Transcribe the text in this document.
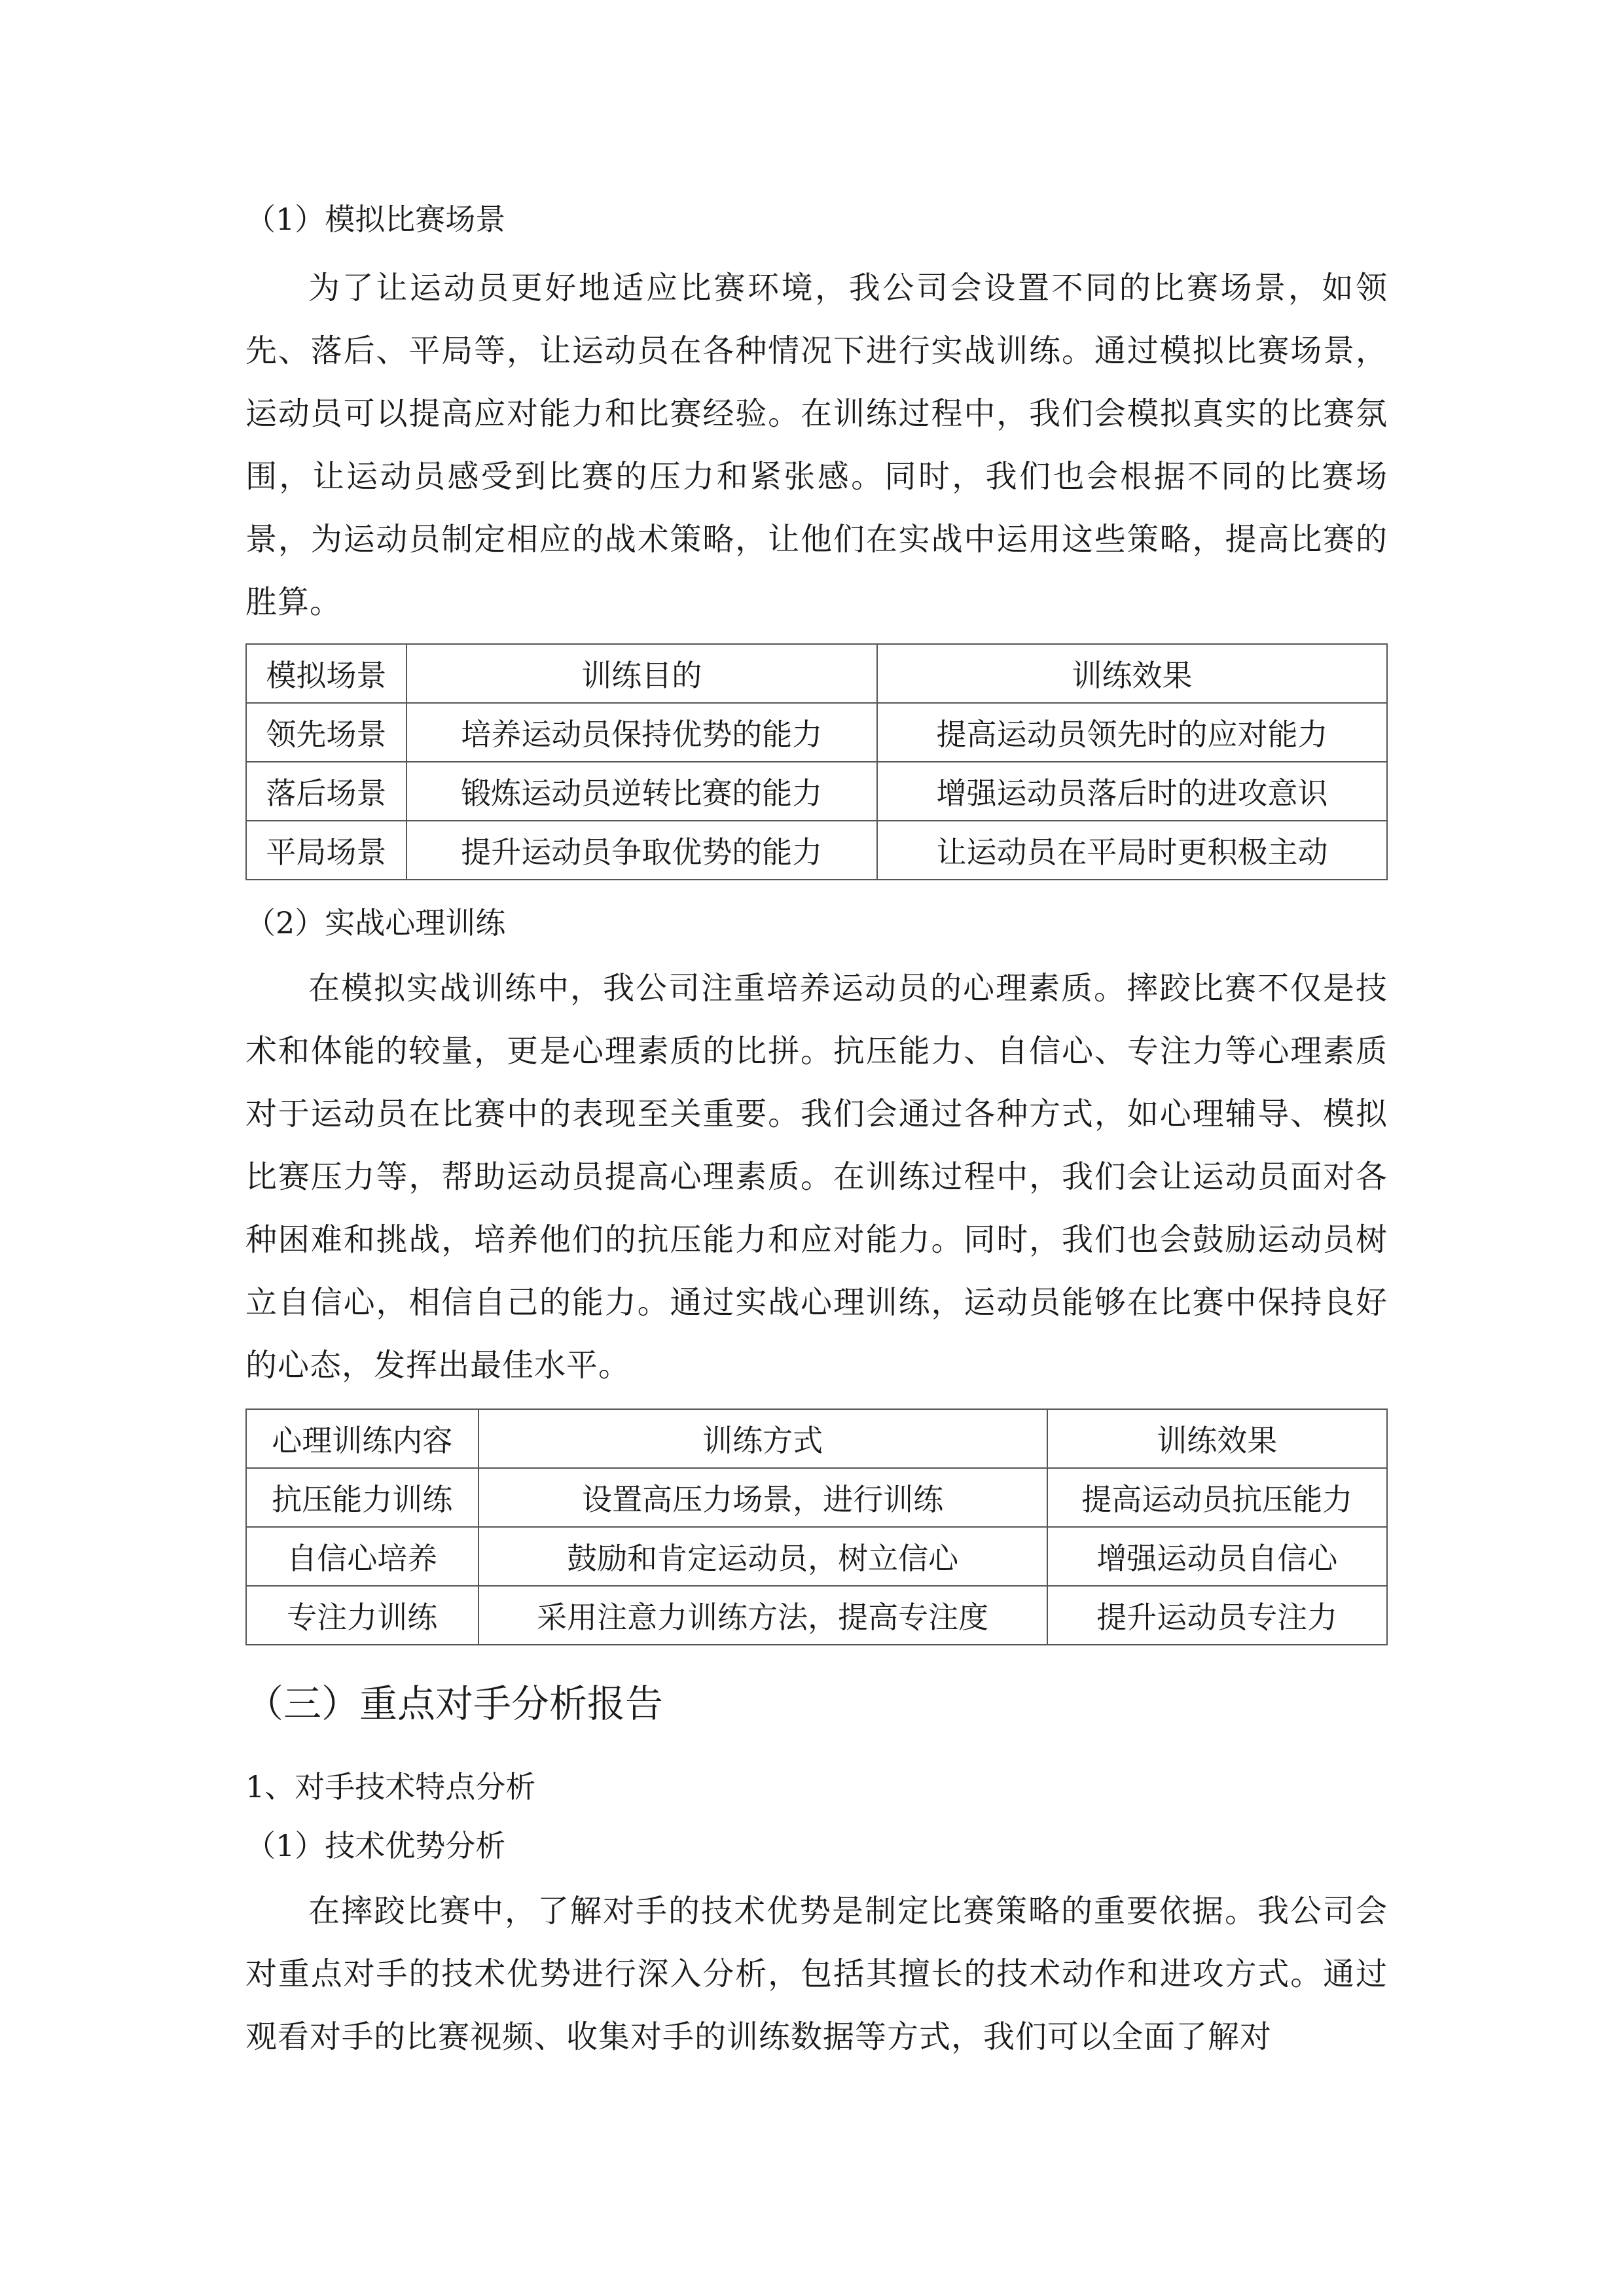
（1）模拟比赛场景
为了让运动员更好地适应比赛环境，我公司会设置不同的比赛场景，如领先、落后、平局等，让运动员在各种情况下进行实战训练。通过模拟比赛场景，运动员可以提高应对能力和比赛经验。在训练过程中，我们会模拟真实的比赛氛围，让运动员感受到比赛的压力和紧张感。同时，我们也会根据不同的比赛场景，为运动员制定相应的战术策略，让他们在实战中运用这些策略，提高比赛的胜算。
模拟场景	训练目的	训练效果
领先场景	培养运动员保持优势的能力	提高运动员领先时的应对能力
落后场景	锻炼运动员逆转比赛的能力	增强运动员落后时的进攻意识
平局场景	提升运动员争取优势的能力	让运动员在平局时更积极主动
（2）实战心理训练
在模拟实战训练中，我公司注重培养运动员的心理素质。摔跤比赛不仅是技术和体能的较量，更是心理素质的比拼。抗压能力、自信心、专注力等心理素质对于运动员在比赛中的表现至关重要。我们会通过各种方式，如心理辅导、模拟比赛压力等，帮助运动员提高心理素质。在训练过程中，我们会让运动员面对各种困难和挑战，培养他们的抗压能力和应对能力。同时，我们也会鼓励运动员树立自信心，相信自己的能力。通过实战心理训练，运动员能够在比赛中保持良好的心态，发挥出最佳水平。
心理训练内容	训练方式	训练效果
抗压能力训练	设置高压力场景，进行训练	提高运动员抗压能力
自信心培养	鼓励和肯定运动员，树立信心	增强运动员自信心
专注力训练	采用注意力训练方法，提高专注度	提升运动员专注力
（三）重点对手分析报告
1、对手技术特点分析
（1）技术优势分析
在摔跤比赛中，了解对手的技术优势是制定比赛策略的重要依据。我公司会对重点对手的技术优势进行深入分析，包括其擅长的技术动作和进攻方式。通过观看对手的比赛视频、收集对手的训练数据等方式，我们可以全面了解对
